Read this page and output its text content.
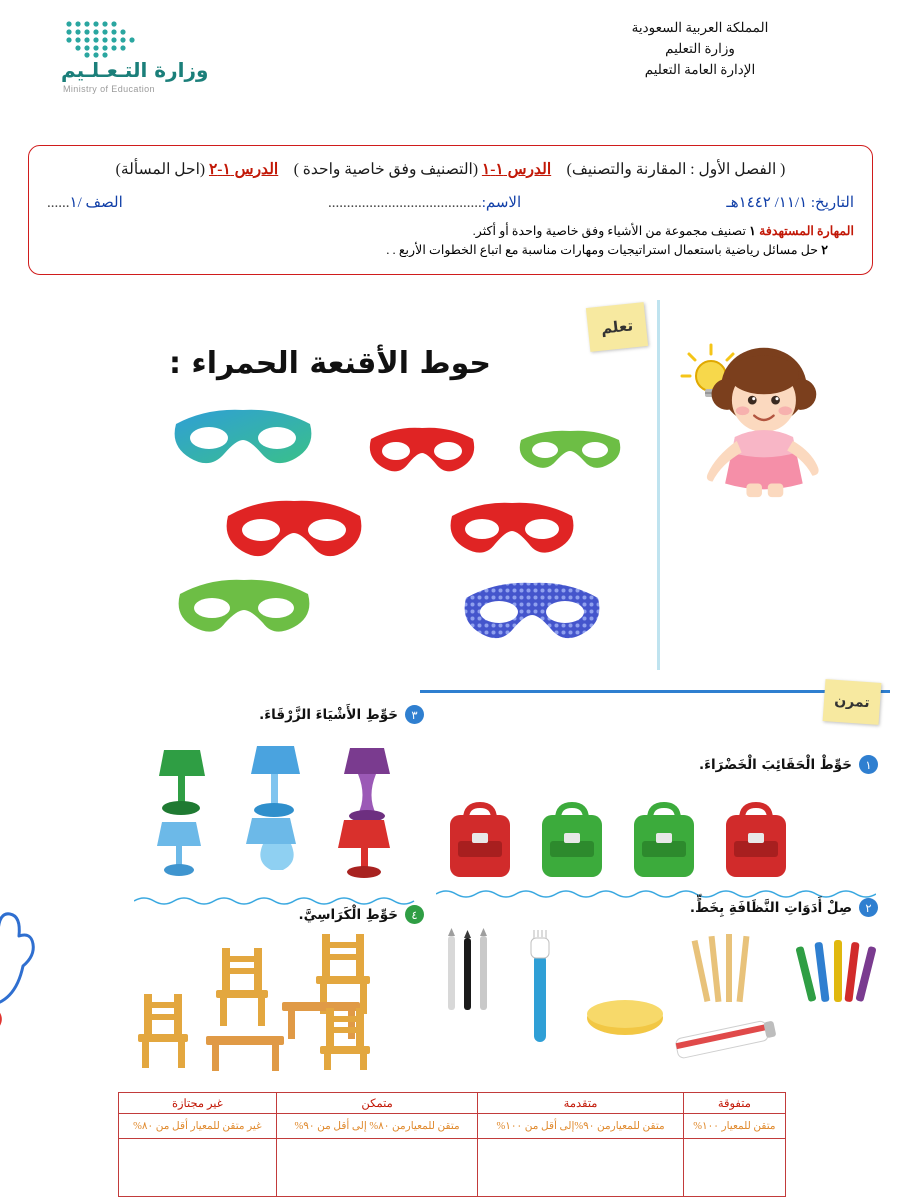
المملكة العربية السعودية
وزارة التعليم
الإدارة العامة التعليم
وزارة التـعـلـيم
Ministry of Education
( الفصل الأول : المقارنة والتصنيف)    الدرس ١-١ (التصنيف وفق خاصية واحدة )    الدرس ١-٢ (احل المسألة)
التاريخ: ١١/١/ ١٤٤٢هـ
الاسم:.........................................
الصف /١......
المهارة المستهدفة ١ تصنيف مجموعة من الأشياء وفق خاصية واحدة أو أكثر.
٢ حل مسائل رياضية باستعمال استراتيجيات ومهارات مناسبة مع اتباع الخطوات الأربع . .
تعلم
حوط الأقنعة الحمراء :
تمرن
١
حَوِّطْ الْحَقَائِبَ الْخَضْرَاءَ.
٢
صِلْ أَدَوَاتِ النَّظَافَةِ بِخَطٍّ.
٣
حَوِّطِ الأَشْيَاءَ الزَّرْقَاءَ.
٤
حَوِّطِ الْكَرَاسِيَّ.
متفوقة	متقدمة	متمكن	غير مجتازة
متقن للمعيار ١٠٠%	متقن للمعيارمن ٩٠%إلى أقل من ١٠٠%	متقن للمعيارمن ٨٠% إلى أقل من ٩٠%	غير متقن للمعيار أقل من ٨٠%
